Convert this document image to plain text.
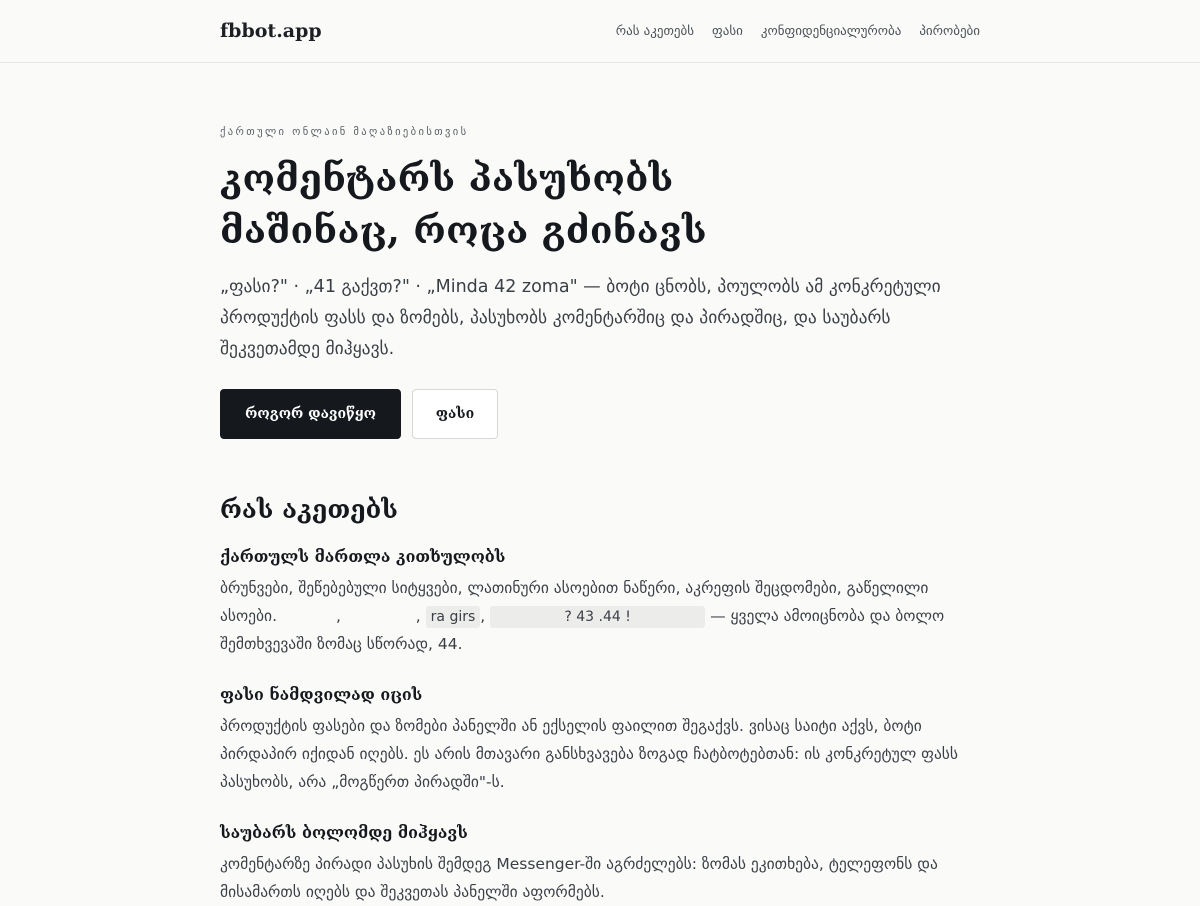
fbbot.app	რას აკეთებს ფასი კონფიდენციალურობა პირობები
ქართული ონლაინ მაღაზიებისთვის
კომენტარს პასუხობს
მაშინაც, როცა გძინავს

„ფასი?" · „41 გაქვთ?" · „Minda 42 zoma" — ბოტი ცნობს, პოულობს ამ კონკრეტული პროდუქტის ფასს და ზომებს, პასუხობს კომენტარშიც და პირადშიც, და საუბარს შეკვეთამდე მიჰყავს.

როგორ დავიწყო	ფასი
რას აკეთებს
ქართულს მართლა კითხულობს
ბრუნვები, შეწებებული სიტყვები, ლათინური ასოებით ნაწერი, აკრეფის შეცდომები, გაწელილი ასოები.	,	, ra girs ,	? 43 .44 !	— ყველა ამოიცნობა და ბოლო შემთხვევაში ზომაც სწორად, 44.
ფასი ნამდვილად იცის
პროდუქტის ფასები და ზომები პანელში ან ექსელის ფაილით შეგაქვს. ვისაც საიტი აქვს, ბოტი პირდაპირ იქიდან იღებს. ეს არის მთავარი განსხვავება ზოგად ჩატბოტებთან: ის კონკრეტულ ფასს პასუხობს, არა „მოგწერთ პირადში"-ს.
საუბარს ბოლომდე მიჰყავს
კომენტარზე პირადი პასუხის შემდეგ Messenger-ში აგრძელებს: ზომას ეკითხება, ტელეფონს და მისამართს იღებს და შეკვეთას პანელში აფორმებს.
